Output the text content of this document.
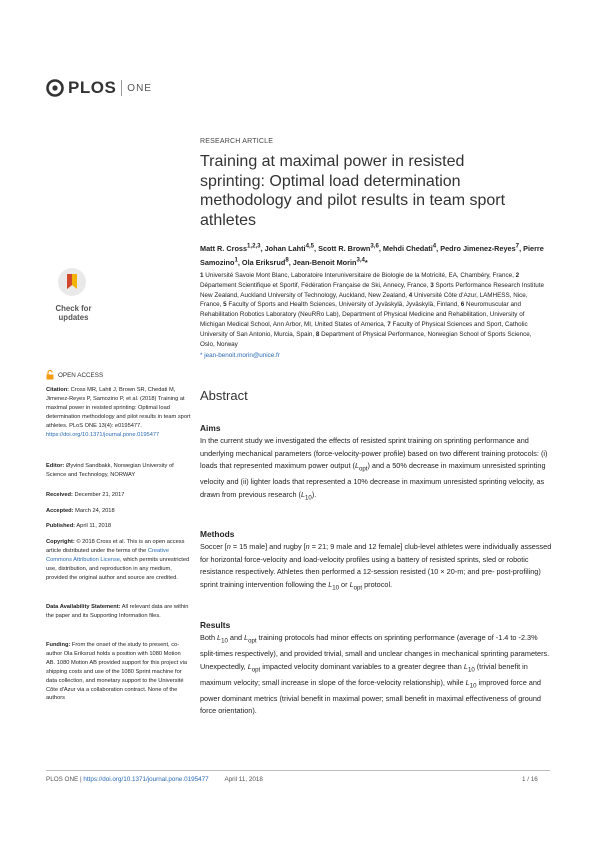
PLOS ONE
RESEARCH ARTICLE
Training at maximal power in resisted sprinting: Optimal load determination methodology and pilot results in team sport athletes
Matt R. Cross$^{1,2,3}$, Johan Lahti$^{4,5}$, Scott R. Brown$^{3,6}$, Mehdi Chedati$^4$, Pedro Jimenez-Reyes$^7$, Pierre Samozino$^1$, Ola Eriksrud$^8$, Jean-Benoit Morin$^{3,4}$*
1 Université Savoie Mont Blanc, Laboratoire Interuniversitaire de Biologie de la Motricité, EA, Chambéry, France, 2 Département Scientifique et Sportif, Fédération Française de Ski, Annecy, France, 3 Sports Performance Research Institute New Zealand, Auckland University of Technology, Auckland, New Zealand, 4 Université Côte d'Azur, LAMHESS, Nice, France, 5 Faculty of Sports and Health Sciences, University of Jyväskylä, Jyväskylä, Finland, 6 Neuromuscular and Rehabilitation Robotics Laboratory (NeuRRo Lab), Department of Physical Medicine and Rehabilitation, University of Michigan Medical School, Ann Arbor, MI, United States of America, 7 Faculty of Physical Sciences and Sport, Catholic University of San Antonio, Murcia, Spain, 8 Department of Physical Performance, Norwegian School of Sports Science, Oslo, Norway
* jean-benoit.morin@unice.fr
Check for
updates
OPEN ACCESS
Citation: Cross MR, Lahti J, Brown SR, Chedati M, Jimenez-Reyes P, Samozino P, et al. (2018) Training at maximal power in resisted sprinting: Optimal load determination methodology and pilot results in team sport athletes. PLoS ONE 13(4): e0195477. https://doi.org/10.1371/journal.pone.0195477
Editor: Øyvind Sandbakk, Norwegian University of Science and Technology, NORWAY
Received: December 21, 2017
Accepted: March 24, 2018
Published: April 11, 2018
Copyright: © 2018 Cross et al. This is an open access article distributed under the terms of the Creative Commons Attribution License, which permits unrestricted use, distribution, and reproduction in any medium, provided the original author and source are credited.
Data Availability Statement: All relevant data are within the paper and its Supporting Information files.
Funding: From the onset of the study to present, co-author Ola Eriksrud holds a position with 1080 Motion AB. 1080 Motion AB provided support for this project via shipping costs and use of the 1080 Sprint machine for data collection, and monetary support to the Université Côte d'Azur via a collaboration contract. None of the authors
Abstract
Aims
In the current study we investigated the effects of resisted sprint training on sprinting performance and underlying mechanical parameters (force-velocity-power profile) based on two different training protocols: (i) loads that represented maximum power output $(L_{opt})$ and a 50% decrease in maximum unresisted sprinting velocity and (ii) lighter loads that represented a 10% decrease in maximum unresisted sprinting velocity, as drawn from previous research $(L_{10})$.
Methods
Soccer [n = 15 male] and rugby [n = 21; 9 male and 12 female] club-level athletes were individually assessed for horizontal force-velocity and load-velocity profiles using a battery of resisted sprints, sled or robotic resistance respectively. Athletes then performed a 12-session resisted (10 × 20-m; and pre- post-profiling) sprint training intervention following the $L_{10}$ or $L_{opt}$ protocol.
Results
Both $L_{10}$ and $L_{opt}$ training protocols had minor effects on sprinting performance (average of -1.4 to -2.3% split-times respectively), and provided trivial, small and unclear changes in mechanical sprinting parameters. Unexpectedly, $L_{opt}$ impacted velocity dominant variables to a greater degree than $L_{10}$ (trivial benefit in maximum velocity; small increase in slope of the force-velocity relationship), while $L_{10}$ improved force and power dominant metrics (trivial benefit in maximal power; small benefit in maximal effectiveness of ground force orientation).
PLOS ONE | https://doi.org/10.1371/journal.pone.0195477	April 11, 2018	1 / 16
